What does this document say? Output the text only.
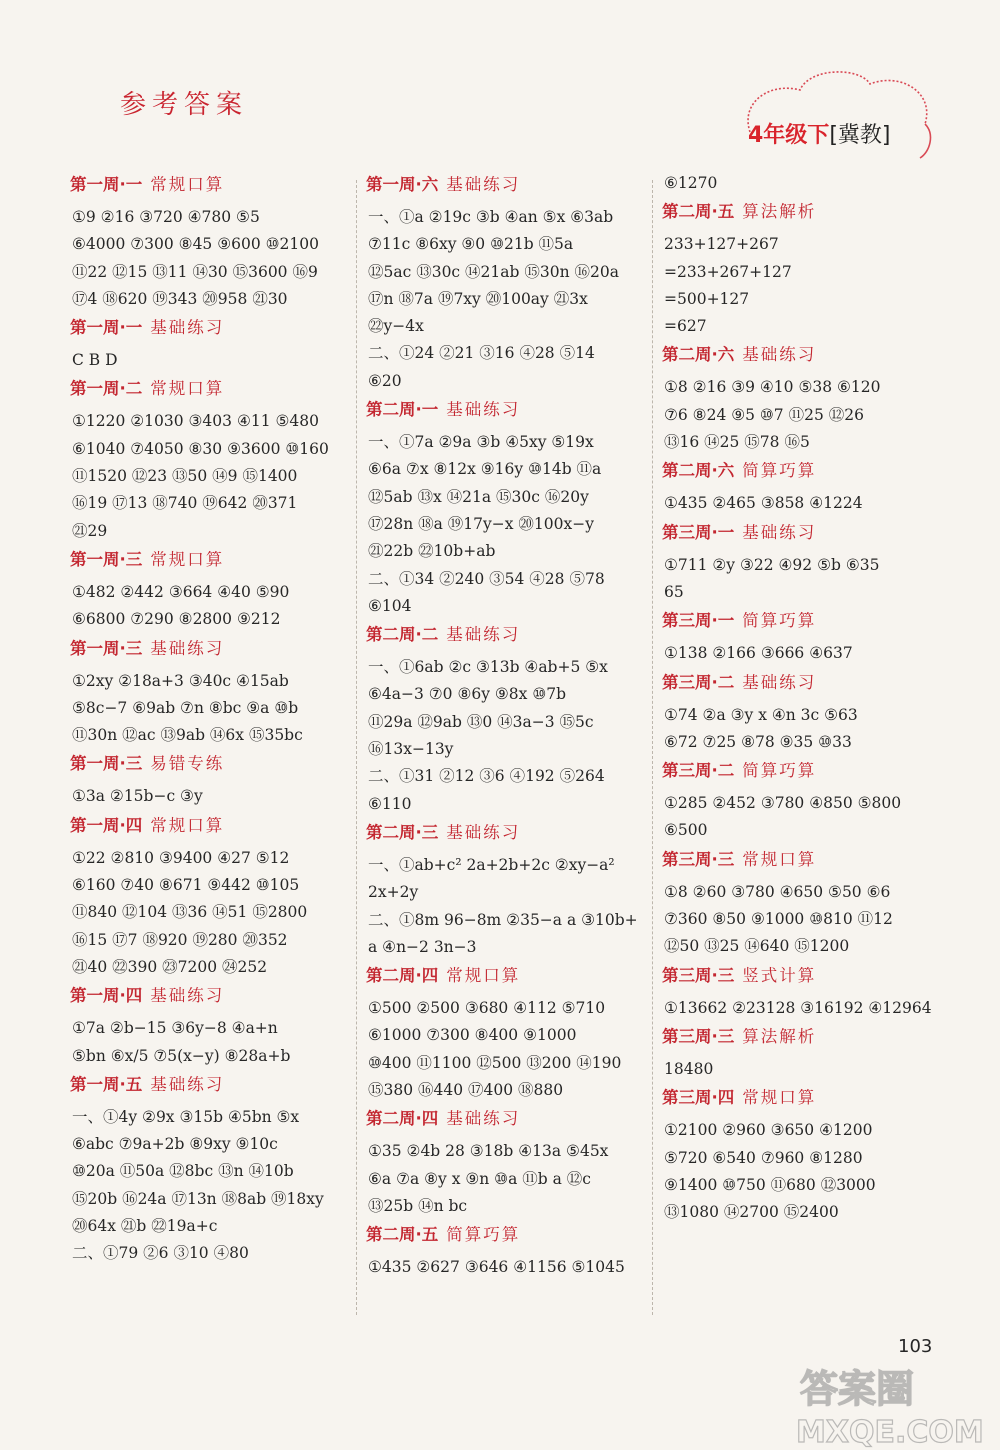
参考答案
4年级下[冀教]
第一周·一 常规口算
①9 ②16 ③720 ④780 ⑤5
⑥4000 ⑦300 ⑧45 ⑨600 ⑩2100
⑪22 ⑫15 ⑬11 ⑭30 ⑮3600 ⑯9
⑰4 ⑱620 ⑲343 ⑳958 ㉑30
第一周·一 基础练习
C B D
第一周·二 常规口算
①1220 ②1030 ③403 ④11 ⑤480
⑥1040 ⑦4050 ⑧30 ⑨3600 ⑩160
⑪1520 ⑫23 ⑬50 ⑭9 ⑮1400
⑯19 ⑰13 ⑱740 ⑲642 ⑳371
㉑29
第一周·三 常规口算
①482 ②442 ③664 ④40 ⑤90
⑥6800 ⑦290 ⑧2800 ⑨212
第一周·三 基础练习
①2xy ②18a+3 ③40c ④15ab
⑤8c−7 ⑥9ab ⑦n ⑧bc ⑨a ⑩b
⑪30n ⑫ac ⑬9ab ⑭6x ⑮35bc
第一周·三 易错专练
①3a ②15b−c ③y
第一周·四 常规口算
①22 ②810 ③9400 ④27 ⑤12
⑥160 ⑦40 ⑧671 ⑨442 ⑩105
⑪840 ⑫104 ⑬36 ⑭51 ⑮2800
⑯15 ⑰7 ⑱920 ⑲280 ⑳352
㉑40 ㉒390 ㉓7200 ㉔252
第一周·四 基础练习
①7a ②b−15 ③6y−8 ④a+n
⑤bn ⑥x/5 ⑦5(x−y) ⑧28a+b
第一周·五 基础练习
一、①4y ②9x ③15b ④5bn ⑤x
⑥abc ⑦9a+2b ⑧9xy ⑨10c
⑩20a ⑪50a ⑫8bc ⑬n ⑭10b
⑮20b ⑯24a ⑰13n ⑱8ab ⑲18xy
⑳64x ㉑b ㉒19a+c
二、①79 ②6 ③10 ④80
第一周·六 基础练习
一、①a ②19c ③b ④an ⑤x ⑥3ab
⑦11c ⑧6xy ⑨0 ⑩21b ⑪5a
⑫5ac ⑬30c ⑭21ab ⑮30n ⑯20a
⑰n ⑱7a ⑲7xy ⑳100ay ㉑3x
㉒y−4x
二、①24 ②21 ③16 ④28 ⑤14
⑥20
第二周·一 基础练习
一、①7a ②9a ③b ④5xy ⑤19x
⑥6a ⑦x ⑧12x ⑨16y ⑩14b ⑪a
⑫5ab ⑬x ⑭21a ⑮30c ⑯20y
⑰28n ⑱a ⑲17y−x ⑳100x−y
㉑22b ㉒10b+ab
二、①34 ②240 ③54 ④28 ⑤78
⑥104
第二周·二 基础练习
一、①6ab ②c ③13b ④ab+5 ⑤x
⑥4a−3 ⑦0 ⑧6y ⑨8x ⑩7b
⑪29a ⑫9ab ⑬0 ⑭3a−3 ⑮5c
⑯13x−13y
二、①31 ②12 ③6 ④192 ⑤264
⑥110
第二周·三 基础练习
一、①ab+c² 2a+2b+2c ②xy−a²
2x+2y
二、①8m 96−8m ②35−a a ③10b+
a ④n−2 3n−3
第二周·四 常规口算
①500 ②500 ③680 ④112 ⑤710
⑥1000 ⑦300 ⑧400 ⑨1000
⑩400 ⑪1100 ⑫500 ⑬200 ⑭190
⑮380 ⑯440 ⑰400 ⑱880
第二周·四 基础练习
①35 ②4b 28 ③18b ④13a ⑤45x
⑥a ⑦a ⑧y x ⑨n ⑩a ⑪b a ⑫c
⑬25b ⑭n bc
第二周·五 简算巧算
①435 ②627 ③646 ④1156 ⑤1045
⑥1270
第二周·五 算法解析
233+127+267
=233+267+127
=500+127
=627
第二周·六 基础练习
①8 ②16 ③9 ④10 ⑤38 ⑥120
⑦6 ⑧24 ⑨5 ⑩7 ⑪25 ⑫26
⑬16 ⑭25 ⑮78 ⑯5
第二周·六 简算巧算
①435 ②465 ③858 ④1224
第三周·一 基础练习
①711 ②y ③22 ④92 ⑤b ⑥35
65
第三周·一 简算巧算
①138 ②166 ③666 ④637
第三周·二 基础练习
①74 ②a ③y x ④n 3c ⑤63
⑥72 ⑦25 ⑧78 ⑨35 ⑩33
第三周·二 简算巧算
①285 ②452 ③780 ④850 ⑤800
⑥500
第三周·三 常规口算
①8 ②60 ③780 ④650 ⑤50 ⑥6
⑦360 ⑧50 ⑨1000 ⑩810 ⑪12
⑫50 ⑬25 ⑭640 ⑮1200
第三周·三 竖式计算
①13662 ②23128 ③16192 ④12964
第三周·三 算法解析
18480
第三周·四 常规口算
①2100 ②960 ③650 ④1200
⑤720 ⑥540 ⑦960 ⑧1280
⑨1400 ⑩750 ⑪680 ⑫3000
⑬1080 ⑭2700 ⑮2400
103
答案圈
MXQE.COM
